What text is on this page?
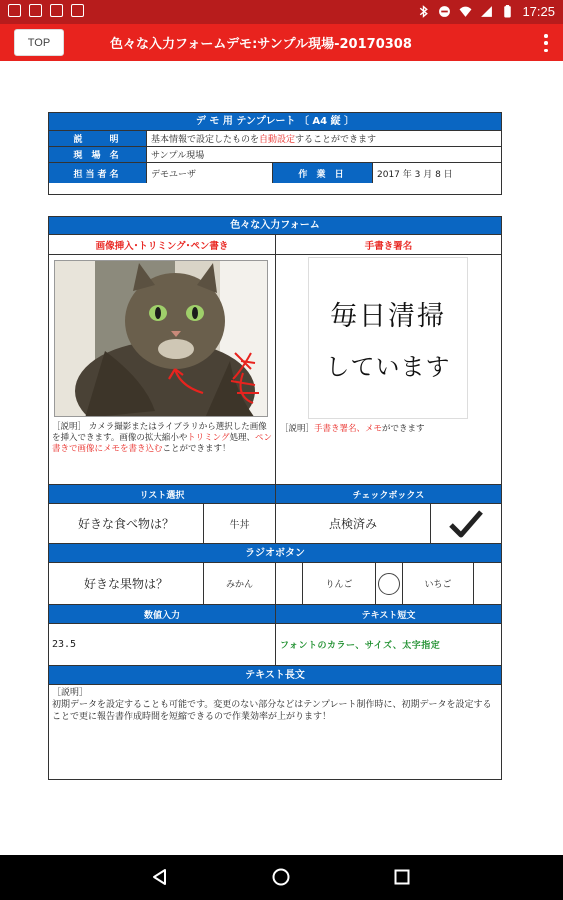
17:25
TOP	色々な入力フォームデモ:サンプル現場-20170308
デ モ 用 テンプレート 〔 A4 縦 〕
説　　明	基本情報で設定したものを 自動設定 することができます
現 場 名	サンプル現場
担当者名	デモユーザ	作 業 日	2017 年 3 月 8 日
色々な入力フォーム
画像挿入･トリミング･ペン書き	手書き署名
［説明］ カメラ撮影またはライブラリから選択した画像を挿入できます。画像の拡大縮小やトリミング処理、ペン書きで画像にメモを書き込むことができます！
毎日清掃
しています
［説明］手書き署名、メモができます
リスト選択	チェックボックス
好きな食べ物は？	牛丼	点検済み
ラジオボタン
好きな果物は？	みかん	りんご	いちご
数値入力	テキスト短文
23.5	フォントのカラー、サイズ、太字指定
テキスト長文
［説明］
初期データを設定することも可能です。変更のない部分などはテンプレート制作時に、初期データを設定することで更に報告書作成時間を短縮できるので作業効率が上がります！
